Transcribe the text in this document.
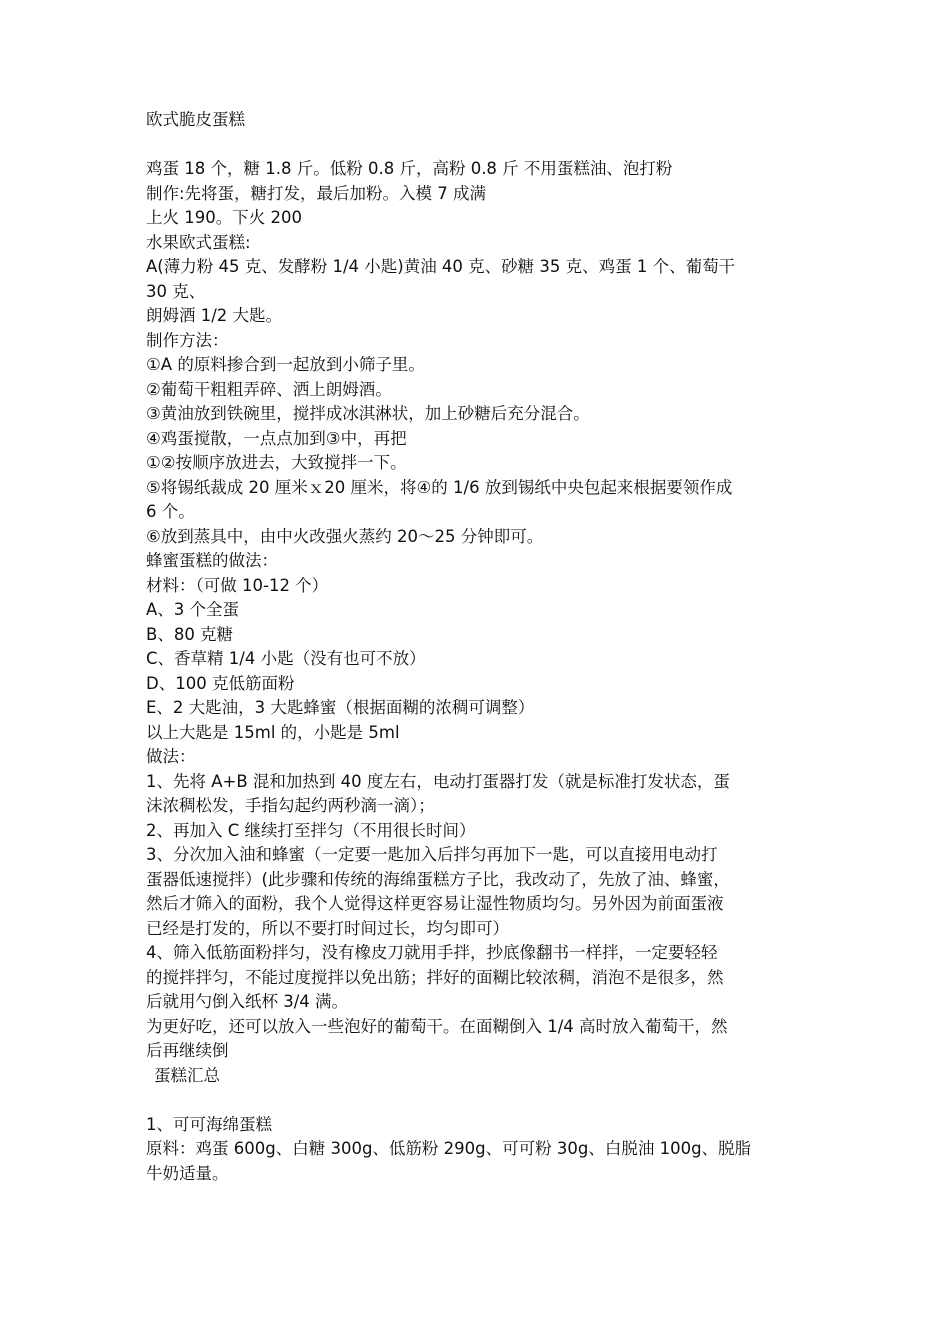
欧式脆皮蛋糕
鸡蛋 18 个，糖 1.8 斤。低粉 0.8 斤，高粉 0.8 斤 不用蛋糕油、泡打粉
制作:先将蛋，糖打发，最后加粉。入模 7 成满
上火 190。下火 200
水果欧式蛋糕:
A(薄力粉 45 克、发酵粉 1/4 小匙)黄油 40 克、砂糖 35 克、鸡蛋 1 个、葡萄干
30 克、
朗姆酒 1/2 大匙。
制作方法：
①A 的原料掺合到一起放到小筛子里。
②葡萄干粗粗弄碎、洒上朗姆酒。
③黄油放到铁碗里，搅拌成冰淇淋状，加上砂糖后充分混合。
④鸡蛋搅散，一点点加到③中，再把
①②按顺序放进去，大致搅拌一下。
⑤将锡纸裁成 20 厘米ｘ20 厘米，将④的 1/6 放到锡纸中央包起来根据要领作成
6 个。
⑥放到蒸具中，由中火改强火蒸约 20～25 分钟即可。
蜂蜜蛋糕的做法：
材料：（可做 10-12 个）
A、3 个全蛋
B、80 克糖
C、香草精 1/4 小匙（没有也可不放）
D、100 克低筋面粉
E、2 大匙油，3 大匙蜂蜜（根据面糊的浓稠可调整）
以上大匙是 15ml 的，小匙是 5ml
做法：
1、先将 A+B 混和加热到 40 度左右，电动打蛋器打发（就是标准打发状态，蛋
沫浓稠松发，手指勾起约两秒滴一滴）；
2、再加入 C 继续打至拌匀（不用很长时间）
3、分次加入油和蜂蜜（一定要一匙加入后拌匀再加下一匙，可以直接用电动打
蛋器低速搅拌）(此步骤和传统的海绵蛋糕方子比，我改动了，先放了油、蜂蜜，
然后才筛入的面粉，我个人觉得这样更容易让湿性物质均匀。另外因为前面蛋液
已经是打发的，所以不要打时间过长，均匀即可）
4、筛入低筋面粉拌匀，没有橡皮刀就用手拌，抄底像翻书一样拌，一定要轻轻
的搅拌拌匀，不能过度搅拌以免出筋；拌好的面糊比较浓稠，消泡不是很多，然
后就用勺倒入纸杯 3/4 满。
为更好吃，还可以放入一些泡好的葡萄干。在面糊倒入 1/4 高时放入葡萄干，然
后再继续倒
蛋糕汇总
1、可可海绵蛋糕
原料：鸡蛋 600g、白糖 300g、低筋粉 290g、可可粉 30g、白脱油 100g、脱脂
牛奶适量。
